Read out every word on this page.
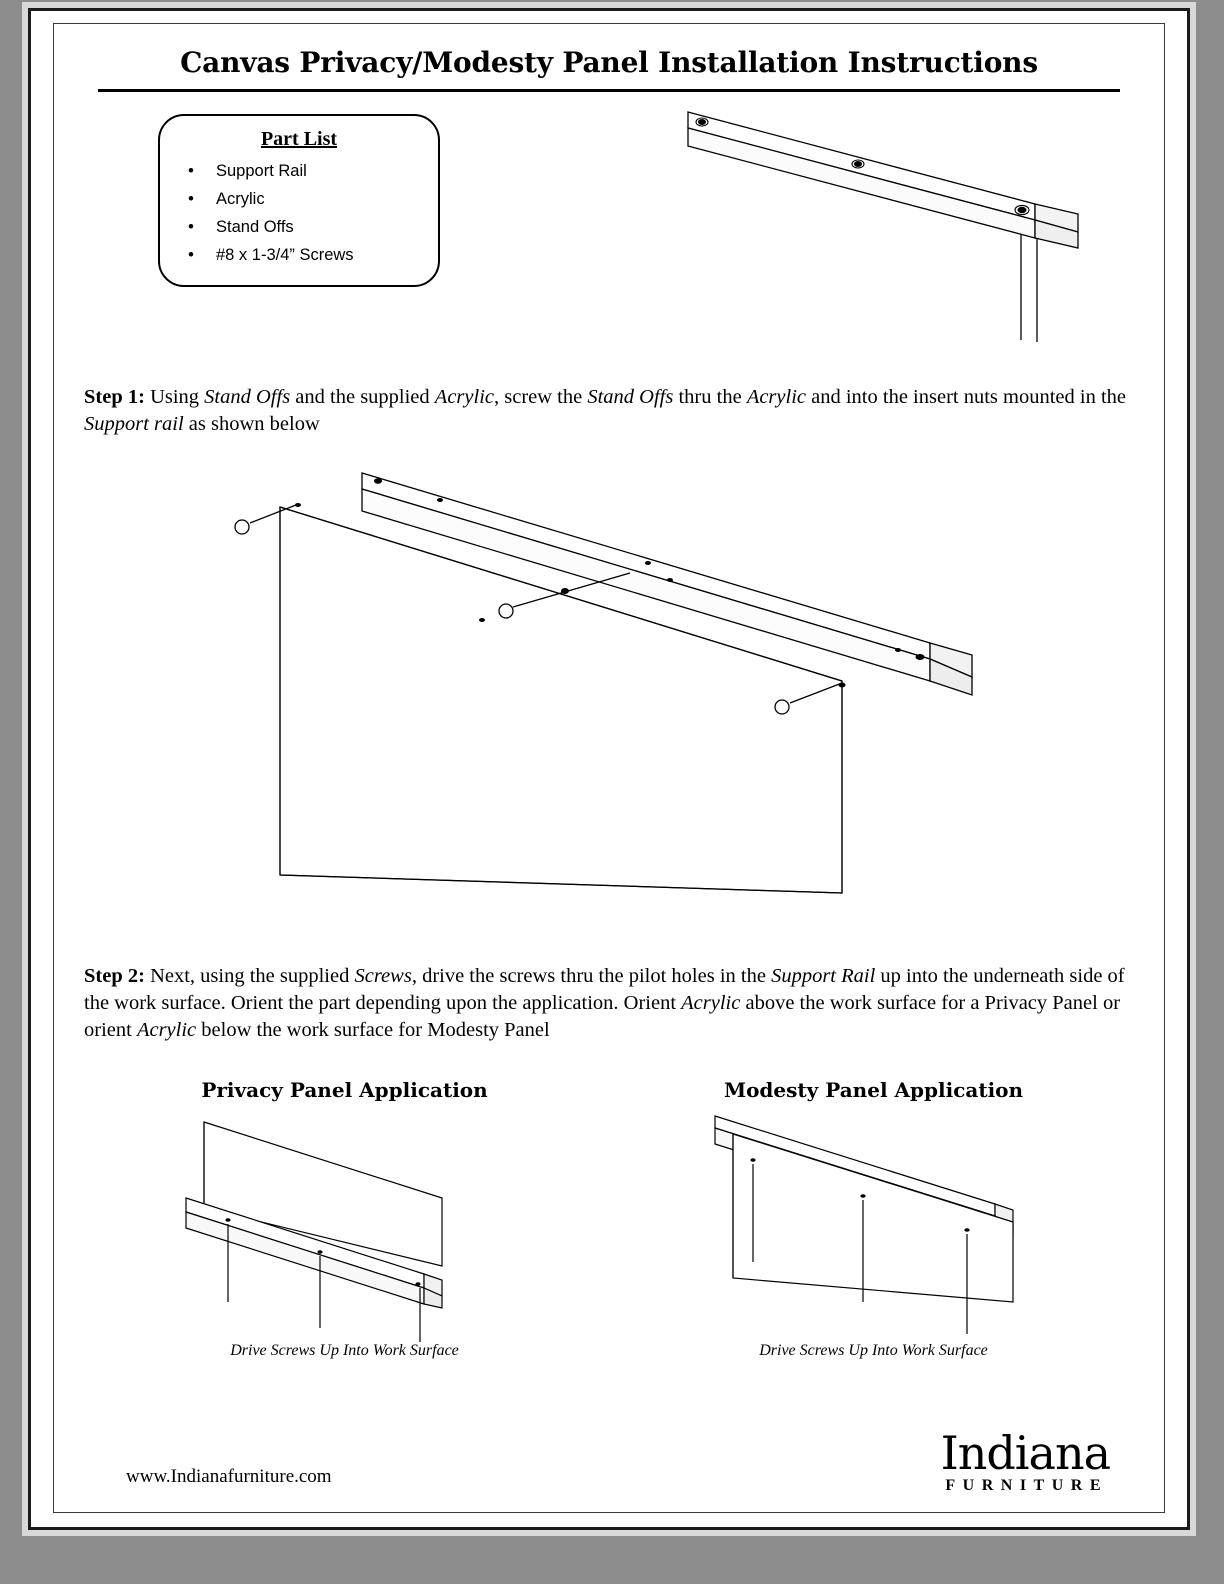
Canvas Privacy/Modesty Panel Installation Instructions
Part List
• Support Rail
• Acrylic
• Stand Offs
• #8 x 1-3/4” Screws

Step 1: Using Stand Offs and the supplied Acrylic, screw the Stand Offs thru the Acrylic and into the insert nuts mounted in the Support rail as shown below

Step 2: Next, using the supplied Screws, drive the screws thru the pilot holes in the Support Rail up into the underneath side of the work surface. Orient the part depending upon the application. Orient Acrylic above the work surface for a Privacy Panel or orient Acrylic below the work surface for Modesty Panel

Privacy Panel Application
Drive Screws Up Into Work Surface
Modesty Panel Application
Drive Screws Up Into Work Surface
www.Indianafurniture.com	Indiana
FURNITURE
